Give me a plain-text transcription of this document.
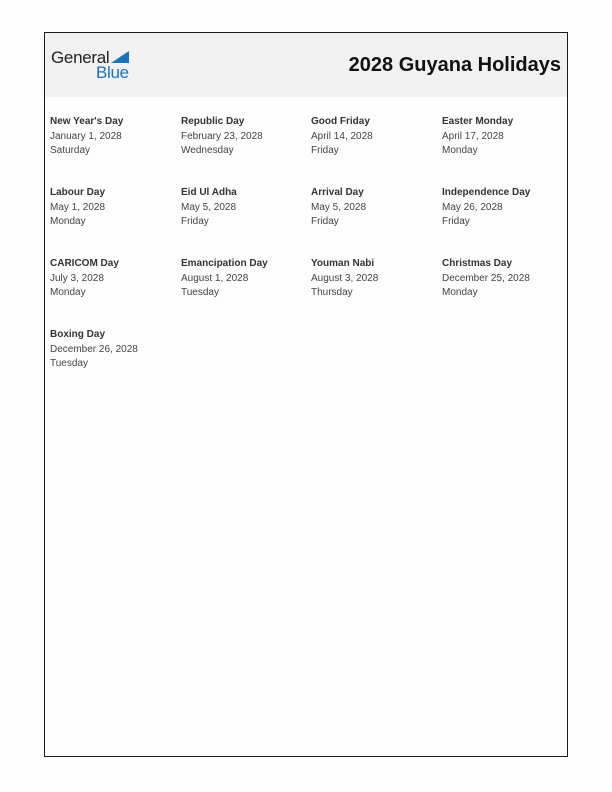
General
Blue	2028 Guyana Holidays
New Year's Day
January 1, 2028
Saturday
Republic Day
February 23, 2028
Wednesday
Good Friday
April 14, 2028
Friday
Easter Monday
April 17, 2028
Monday
Labour Day
May 1, 2028
Monday
Eid Ul Adha
May 5, 2028
Friday
Arrival Day
May 5, 2028
Friday
Independence Day
May 26, 2028
Friday
CARICOM Day
July 3, 2028
Monday
Emancipation Day
August 1, 2028
Tuesday
Youman Nabi
August 3, 2028
Thursday
Christmas Day
December 25, 2028
Monday
Boxing Day
December 26, 2028
Tuesday
